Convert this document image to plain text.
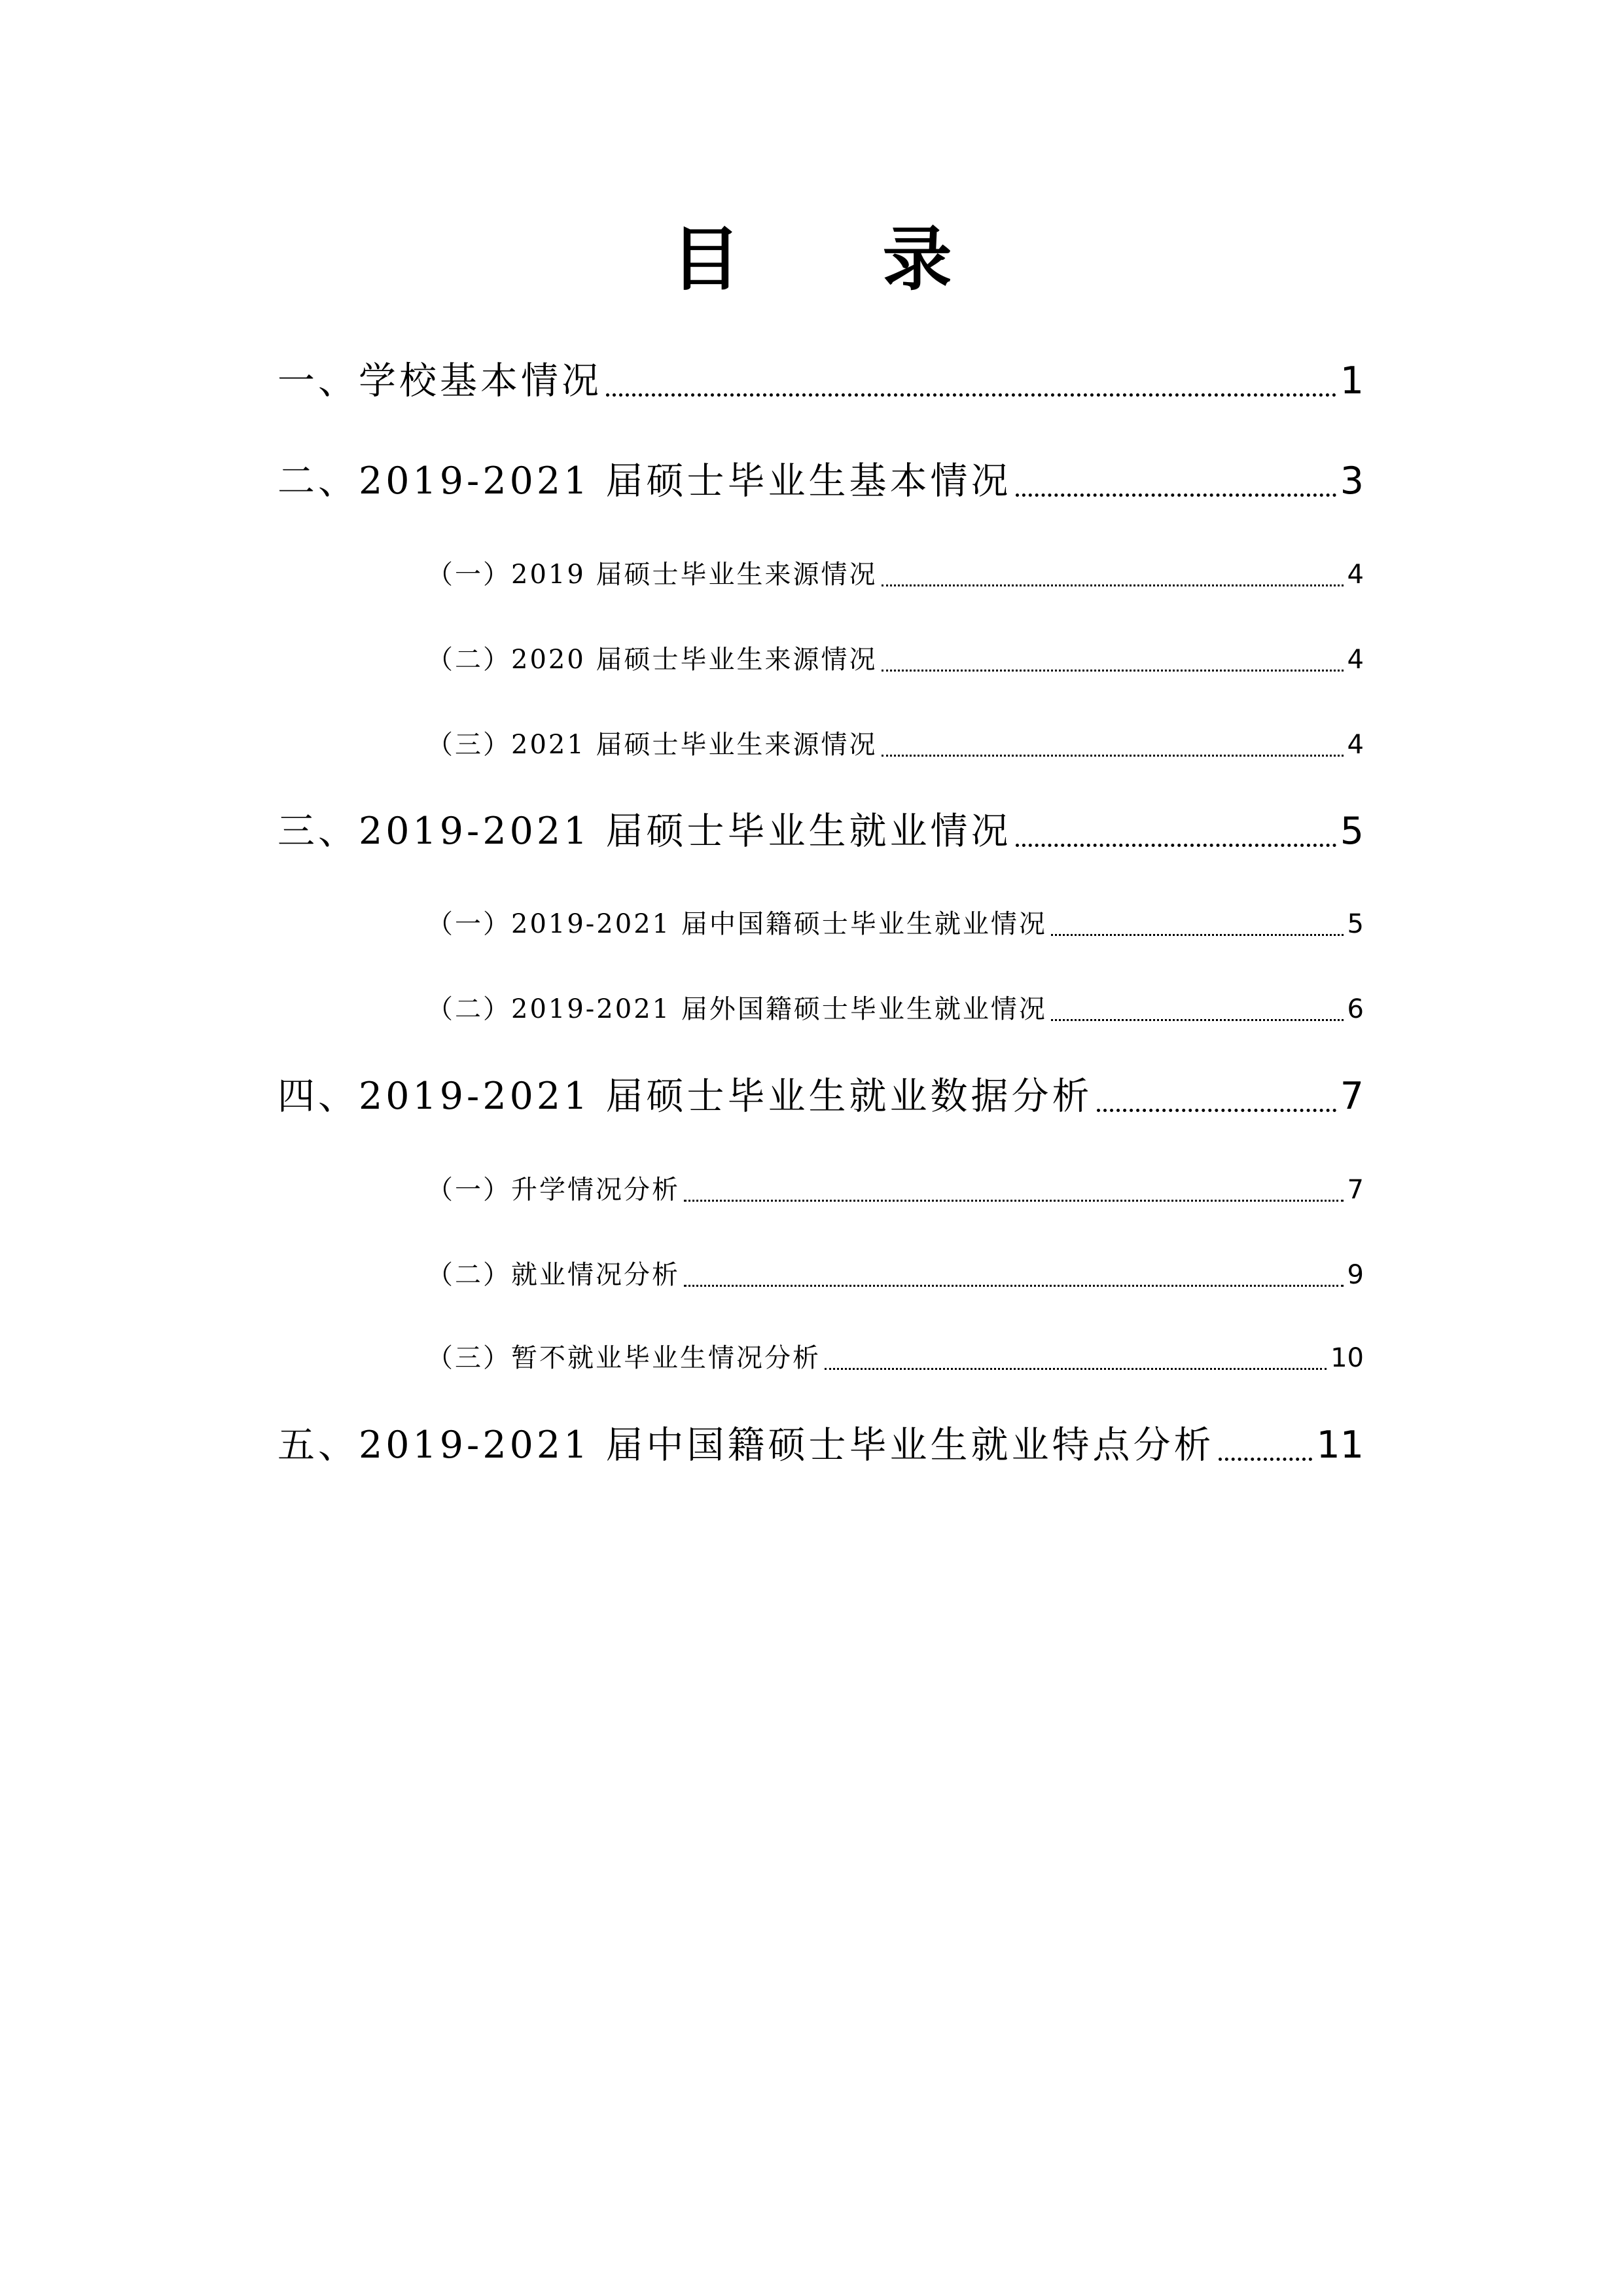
目 录
一、学校基本情况	1
二、2019-2021 届硕士毕业生基本情况	3
（一）2019 届硕士毕业生来源情况	4
（二）2020 届硕士毕业生来源情况	4
（三）2021 届硕士毕业生来源情况	4
三、2019-2021 届硕士毕业生就业情况	5
（一）2019-2021 届中国籍硕士毕业生就业情况	5
（二）2019-2021 届外国籍硕士毕业生就业情况	6
四、2019-2021 届硕士毕业生就业数据分析	7
（一）升学情况分析	7
（二）就业情况分析	9
（三）暂不就业毕业生情况分析	10
五、2019-2021 届中国籍硕士毕业生就业特点分析	11
